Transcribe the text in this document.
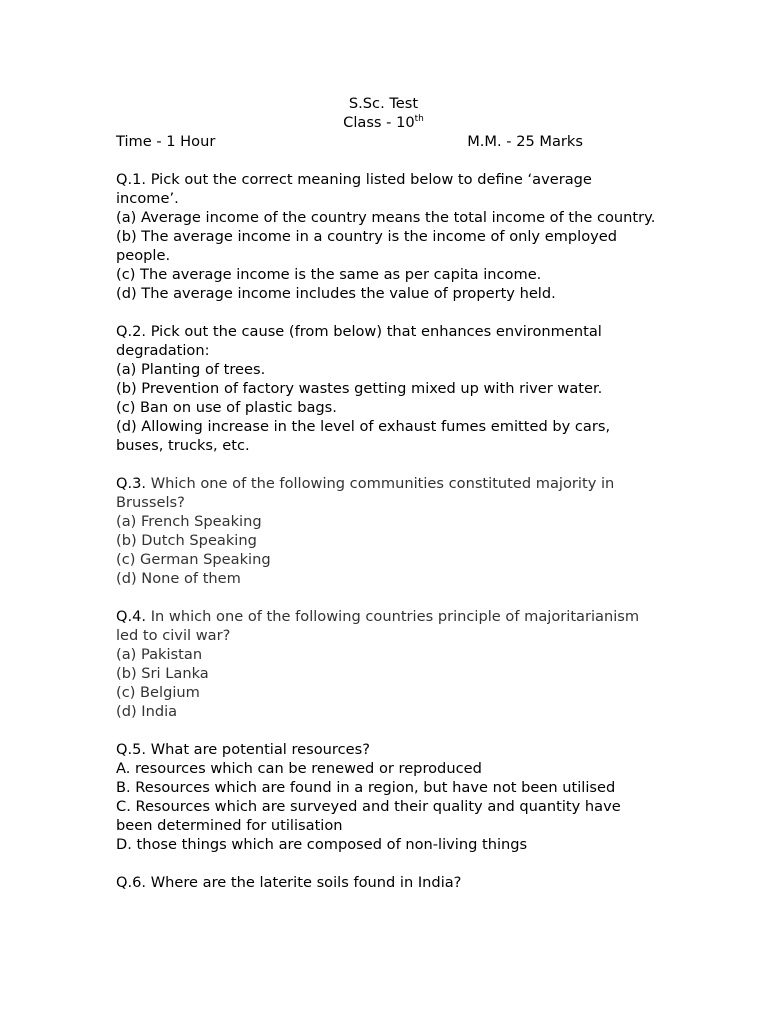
S.Sc. Test
Class - 10th
Time - 1 Hour	M.M. - 25 Marks

Q.1. Pick out the correct meaning listed below to define ‘average income’.

(a) Average income of the country means the total income of the country.

(b) The average income in a country is the income of only employed people.

(c) The average income is the same as per capita income.

(d) The average income includes the value of property held.

Q.2. Pick out the cause (from below) that enhances environmental degradation:

(a) Planting of trees.

(b) Prevention of factory wastes getting mixed up with river water.

(c) Ban on use of plastic bags.

(d) Allowing increase in the level of exhaust fumes emitted by cars, buses, trucks, etc.

Q.3. Which one of the following communities constituted majority in Brussels?

(a) French Speaking

(b) Dutch Speaking

(c) German Speaking

(d) None of them

Q.4. In which one of the following countries principle of majoritarianism led to civil war?

(a) Pakistan

(b) Sri Lanka

(c) Belgium

(d) India

Q.5. What are potential resources?

A. resources which can be renewed or reproduced

B. Resources which are found in a region, but have not been utilised

C. Resources which are surveyed and their quality and quantity have been determined for utilisation

D. those things which are composed of non-living things

Q.6. Where are the laterite soils found in India?
